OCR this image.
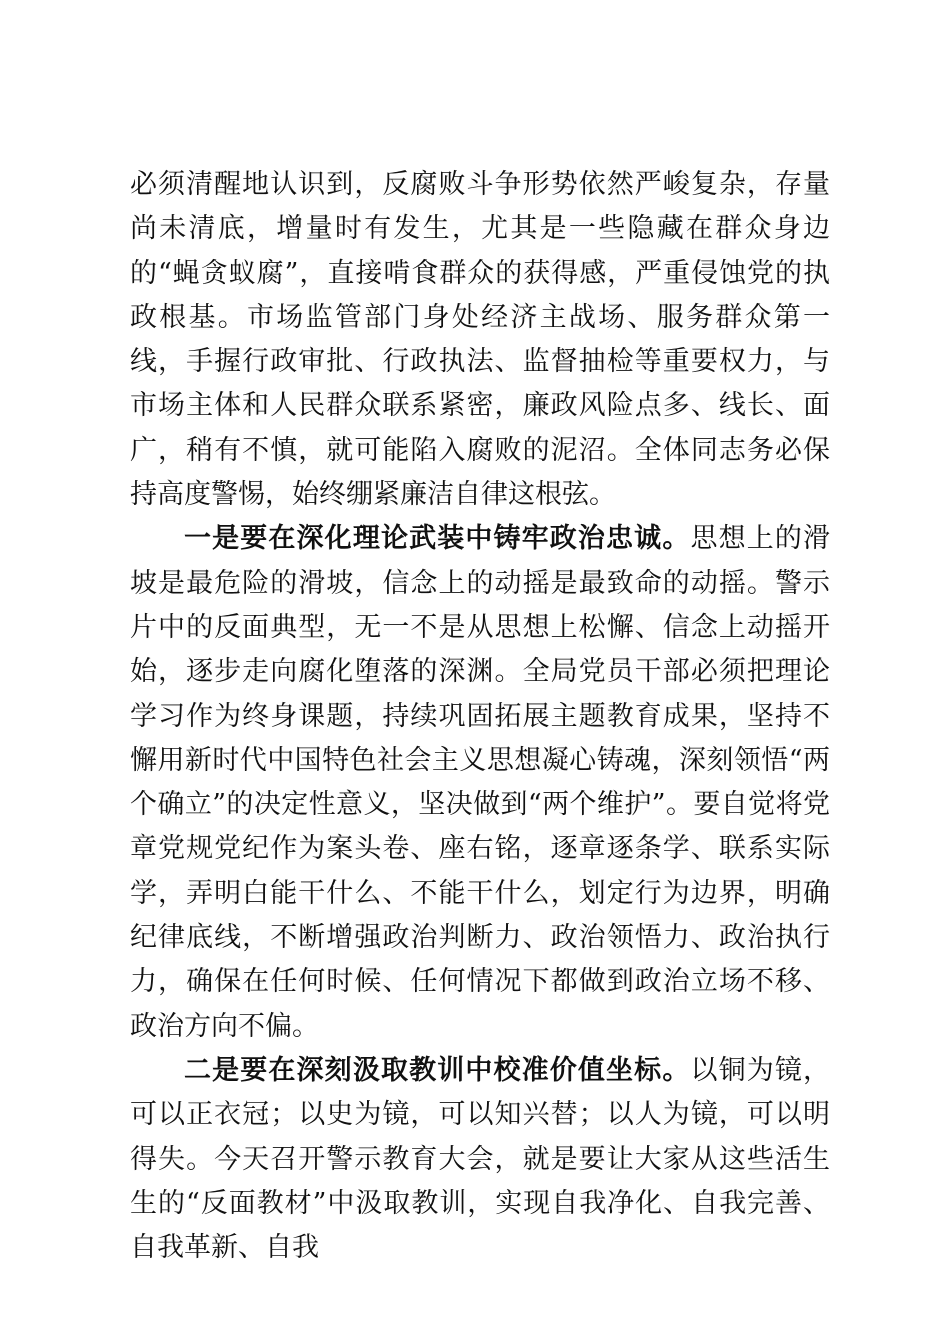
必须清醒地认识到，反腐败斗争形势依然严峻复杂，存量尚未清底，增量时有发生，尤其是一些隐藏在群众身边的“蝇贪蚁腐”，直接啃食群众的获得感，严重侵蚀党的执政根基。市场监管部门身处经济主战场、服务群众第一线，手握行政审批、行政执法、监督抽检等重要权力，与市场主体和人民群众联系紧密，廉政风险点多、线长、面广，稍有不慎，就可能陷入腐败的泥沼。全体同志务必保持高度警惕，始终绷紧廉洁自律这根弦。

一是要在深化理论武装中铸牢政治忠诚。思想上的滑坡是最危险的滑坡，信念上的动摇是最致命的动摇。警示片中的反面典型，无一不是从思想上松懈、信念上动摇开始，逐步走向腐化堕落的深渊。全局党员干部必须把理论学习作为终身课题，持续巩固拓展主题教育成果，坚持不懈用新时代中国特色社会主义思想凝心铸魂，深刻领悟“两个确立”的决定性意义，坚决做到“两个维护”。要自觉将党章党规党纪作为案头卷、座右铭，逐章逐条学、联系实际学，弄明白能干什么、不能干什么，划定行为边界，明确纪律底线，不断增强政治判断力、政治领悟力、政治执行力，确保在任何时候、任何情况下都做到政治立场不移、政治方向不偏。

二是要在深刻汲取教训中校准价值坐标。以铜为镜，可以正衣冠；以史为镜，可以知兴替；以人为镜，可以明得失。今天召开警示教育大会，就是要让大家从这些活生生的“反面教材”中汲取教训，实现自我净化、自我完善、自我革新、自我
